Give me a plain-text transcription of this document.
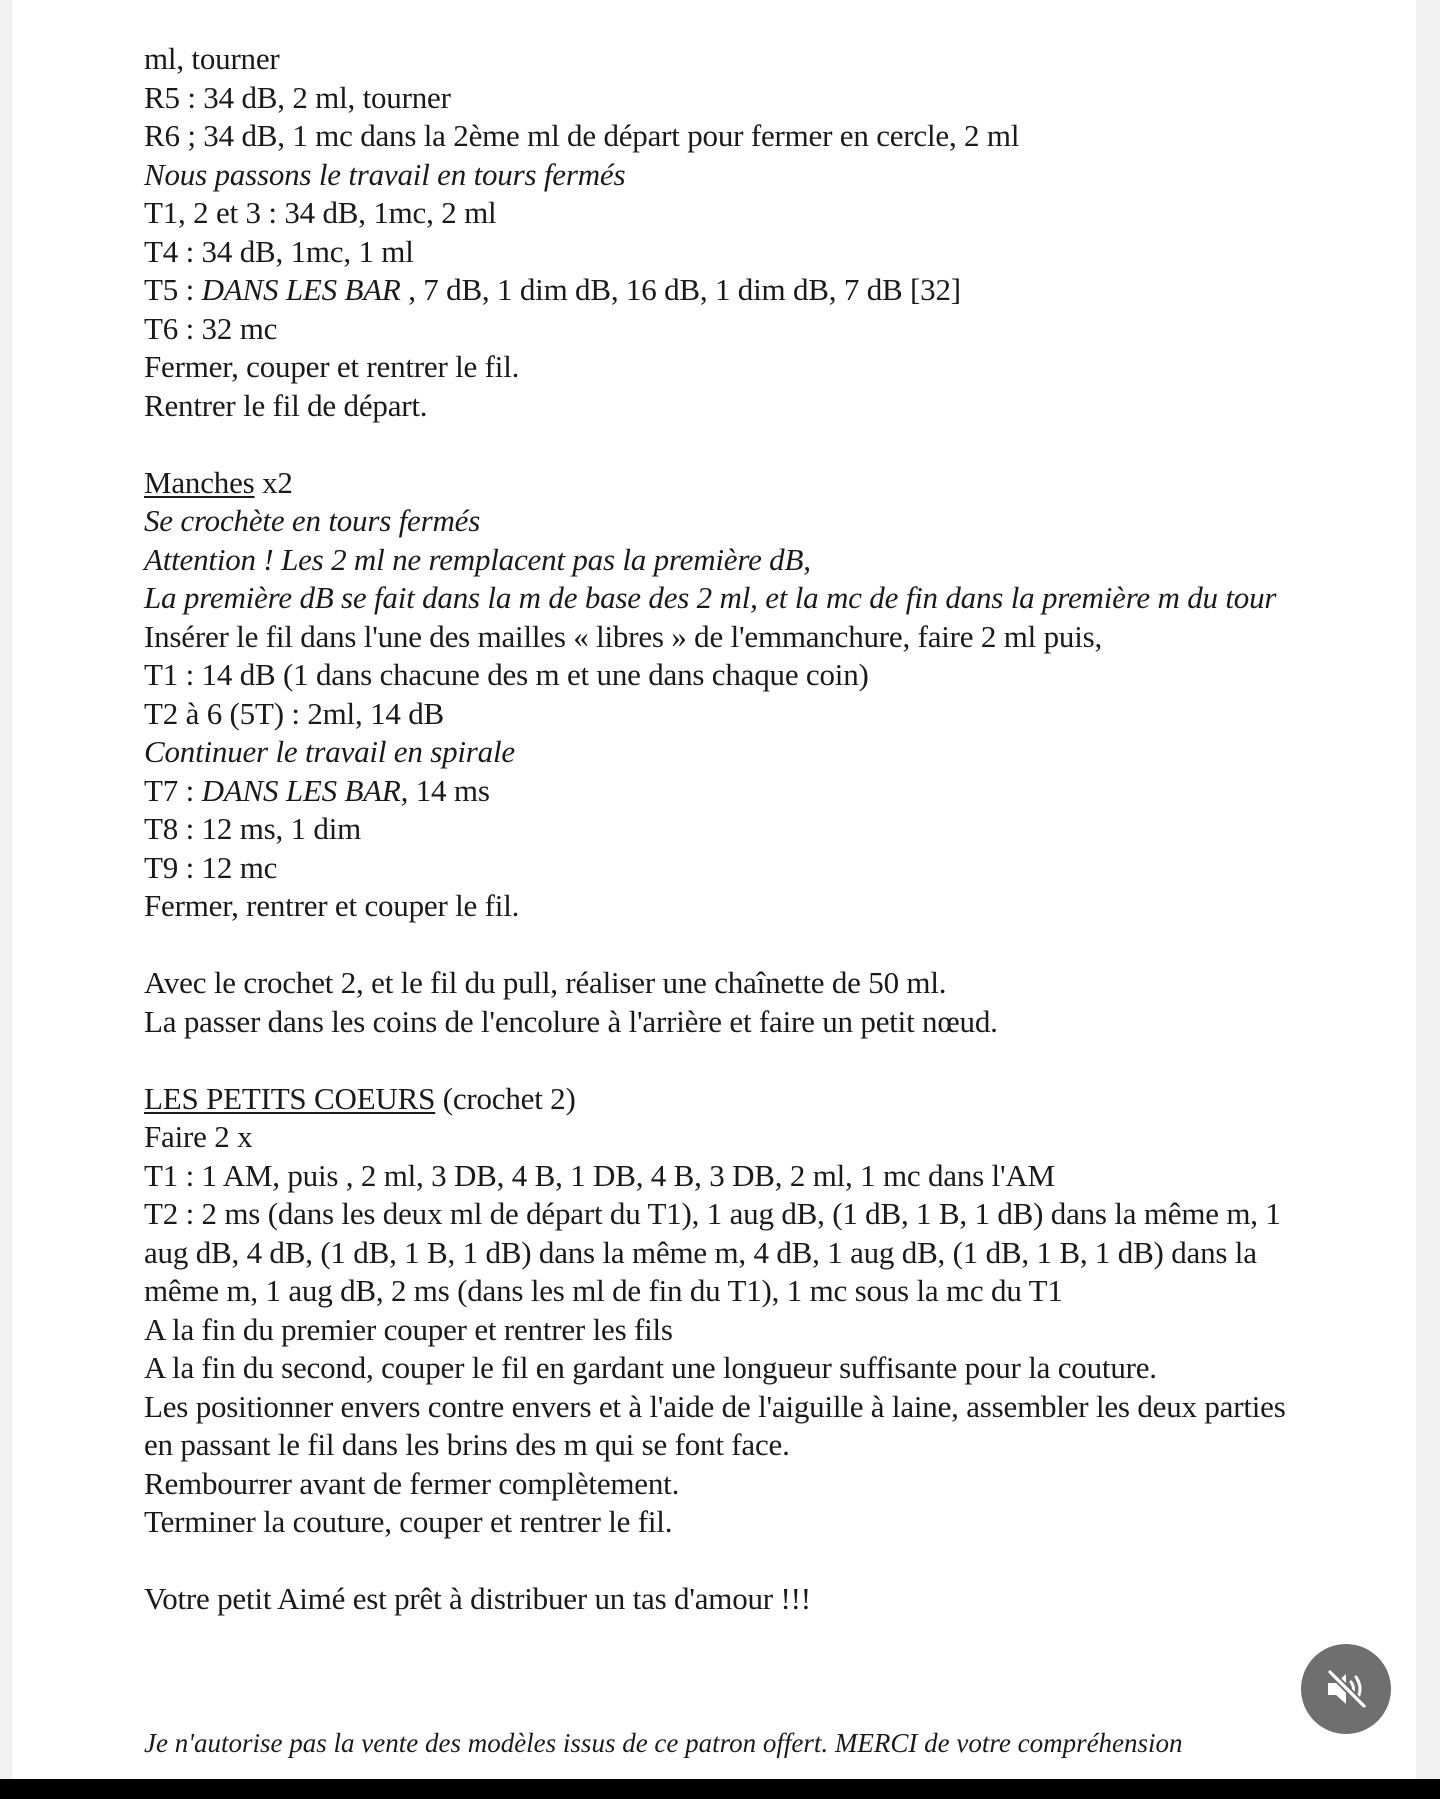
ml, tourner
R5 : 34 dB, 2 ml, tourner
R6 ; 34 dB, 1 mc dans la 2ème ml de départ pour fermer en cercle, 2 ml
Nous passons le travail en tours fermés
T1, 2 et 3 : 34 dB, 1mc, 2 ml
T4 : 34 dB, 1mc, 1 ml
T5 : DANS LES BAR , 7 dB, 1 dim dB, 16 dB, 1 dim dB, 7 dB [32]
T6 : 32 mc
Fermer, couper et rentrer le fil.
Rentrer le fil de départ.
Manches x2
Se crochète en tours fermés
Attention ! Les 2 ml ne remplacent pas la première dB,
La première dB se fait dans la m de base des 2 ml, et la mc de fin dans la première m du tour
Insérer le fil dans l'une des mailles « libres » de l'emmanchure, faire 2 ml puis,
T1 : 14 dB (1 dans chacune des m et une dans chaque coin)
T2 à 6 (5T) : 2ml, 14 dB
Continuer le travail en spirale
T7 : DANS LES BAR, 14 ms
T8 : 12 ms, 1 dim
T9 : 12 mc
Fermer, rentrer et couper le fil.
Avec le crochet 2, et le fil du pull, réaliser une chaînette de 50 ml.
La passer dans les coins de l'encolure à l'arrière et faire un petit nœud.
LES PETITS COEURS (crochet 2)
Faire 2 x
T1 : 1 AM, puis , 2 ml, 3 DB, 4 B, 1 DB, 4 B, 3 DB, 2 ml, 1 mc dans l'AM
T2 : 2 ms (dans les deux ml de départ du T1), 1 aug dB, (1 dB, 1 B, 1 dB) dans la même m, 1 aug dB, 4 dB, (1 dB, 1 B, 1 dB) dans la même m, 4 dB, 1 aug dB, (1 dB, 1 B, 1 dB) dans la même m, 1 aug dB, 2 ms (dans les ml de fin du T1), 1 mc sous la mc du T1
A la fin du premier couper et rentrer les fils
A la fin du second, couper le fil en gardant une longueur suffisante pour la couture.
Les positionner envers contre envers et à l'aide de l'aiguille à laine, assembler les deux parties en passant le fil dans les brins des m qui se font face.
Rembourrer avant de fermer complètement.
Terminer la couture, couper et rentrer le fil.
Votre petit Aimé est prêt à distribuer un tas d'amour !!!
Je n'autorise pas la vente des modèles issus de ce patron offert. MERCI de votre compréhension
